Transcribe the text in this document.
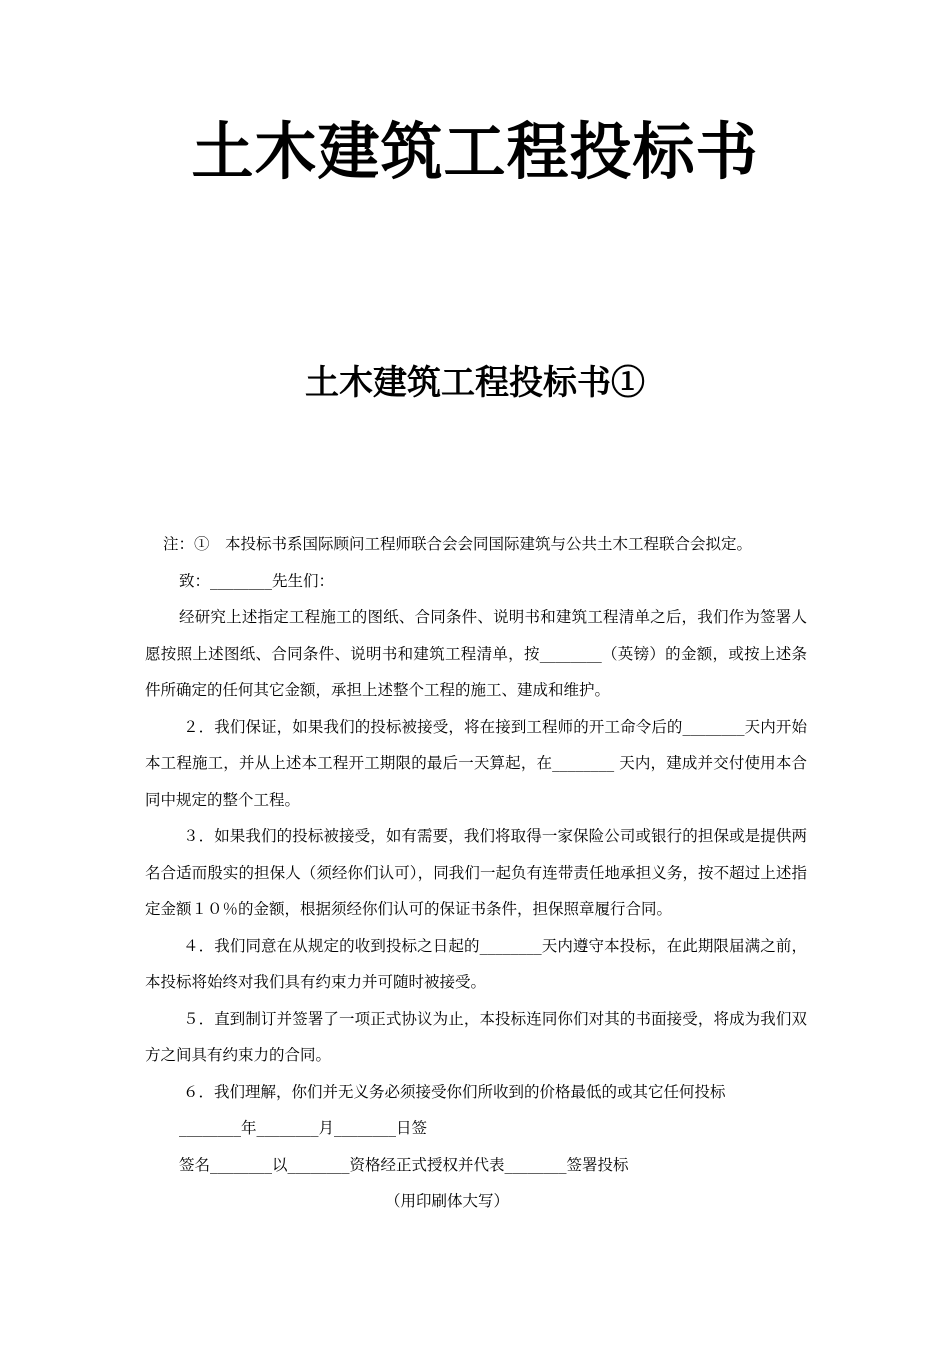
土木建筑工程投标书
土木建筑工程投标书①

注：①　本投标书系国际顾问工程师联合会会同国际建筑与公共土木工程联合会拟定。

致：________先生们：

经研究上述指定工程施工的图纸、合同条件、说明书和建筑工程清单之后，我们作为签署人愿按照上述图纸、合同条件、说明书和建筑工程清单，按________（英镑）的金额，或按上述条件所确定的任何其它金额，承担上述整个工程的施工、建成和维护。

２．我们保证，如果我们的投标被接受，将在接到工程师的开工命令后的________天内开始本工程施工，并从上述本工程开工期限的最后一天算起，在________ 天内，建成并交付使用本合同中规定的整个工程。

３．如果我们的投标被接受，如有需要，我们将取得一家保险公司或银行的担保或是提供两名合适而殷实的担保人（须经你们认可），同我们一起负有连带责任地承担义务，按不超过上述指定金额１０％的金额，根据须经你们认可的保证书条件，担保照章履行合同。

４．我们同意在从规定的收到投标之日起的________天内遵守本投标，在此期限届满之前，本投标将始终对我们具有约束力并可随时被接受。

５．直到制订并签署了一项正式协议为止，本投标连同你们对其的书面接受，将成为我们双方之间具有约束力的合同。

６．我们理解，你们并无义务必须接受你们所收到的价格最低的或其它任何投标

________年________月________日签

签名________以________资格经正式授权并代表________签署投标

（用印刷体大写）
